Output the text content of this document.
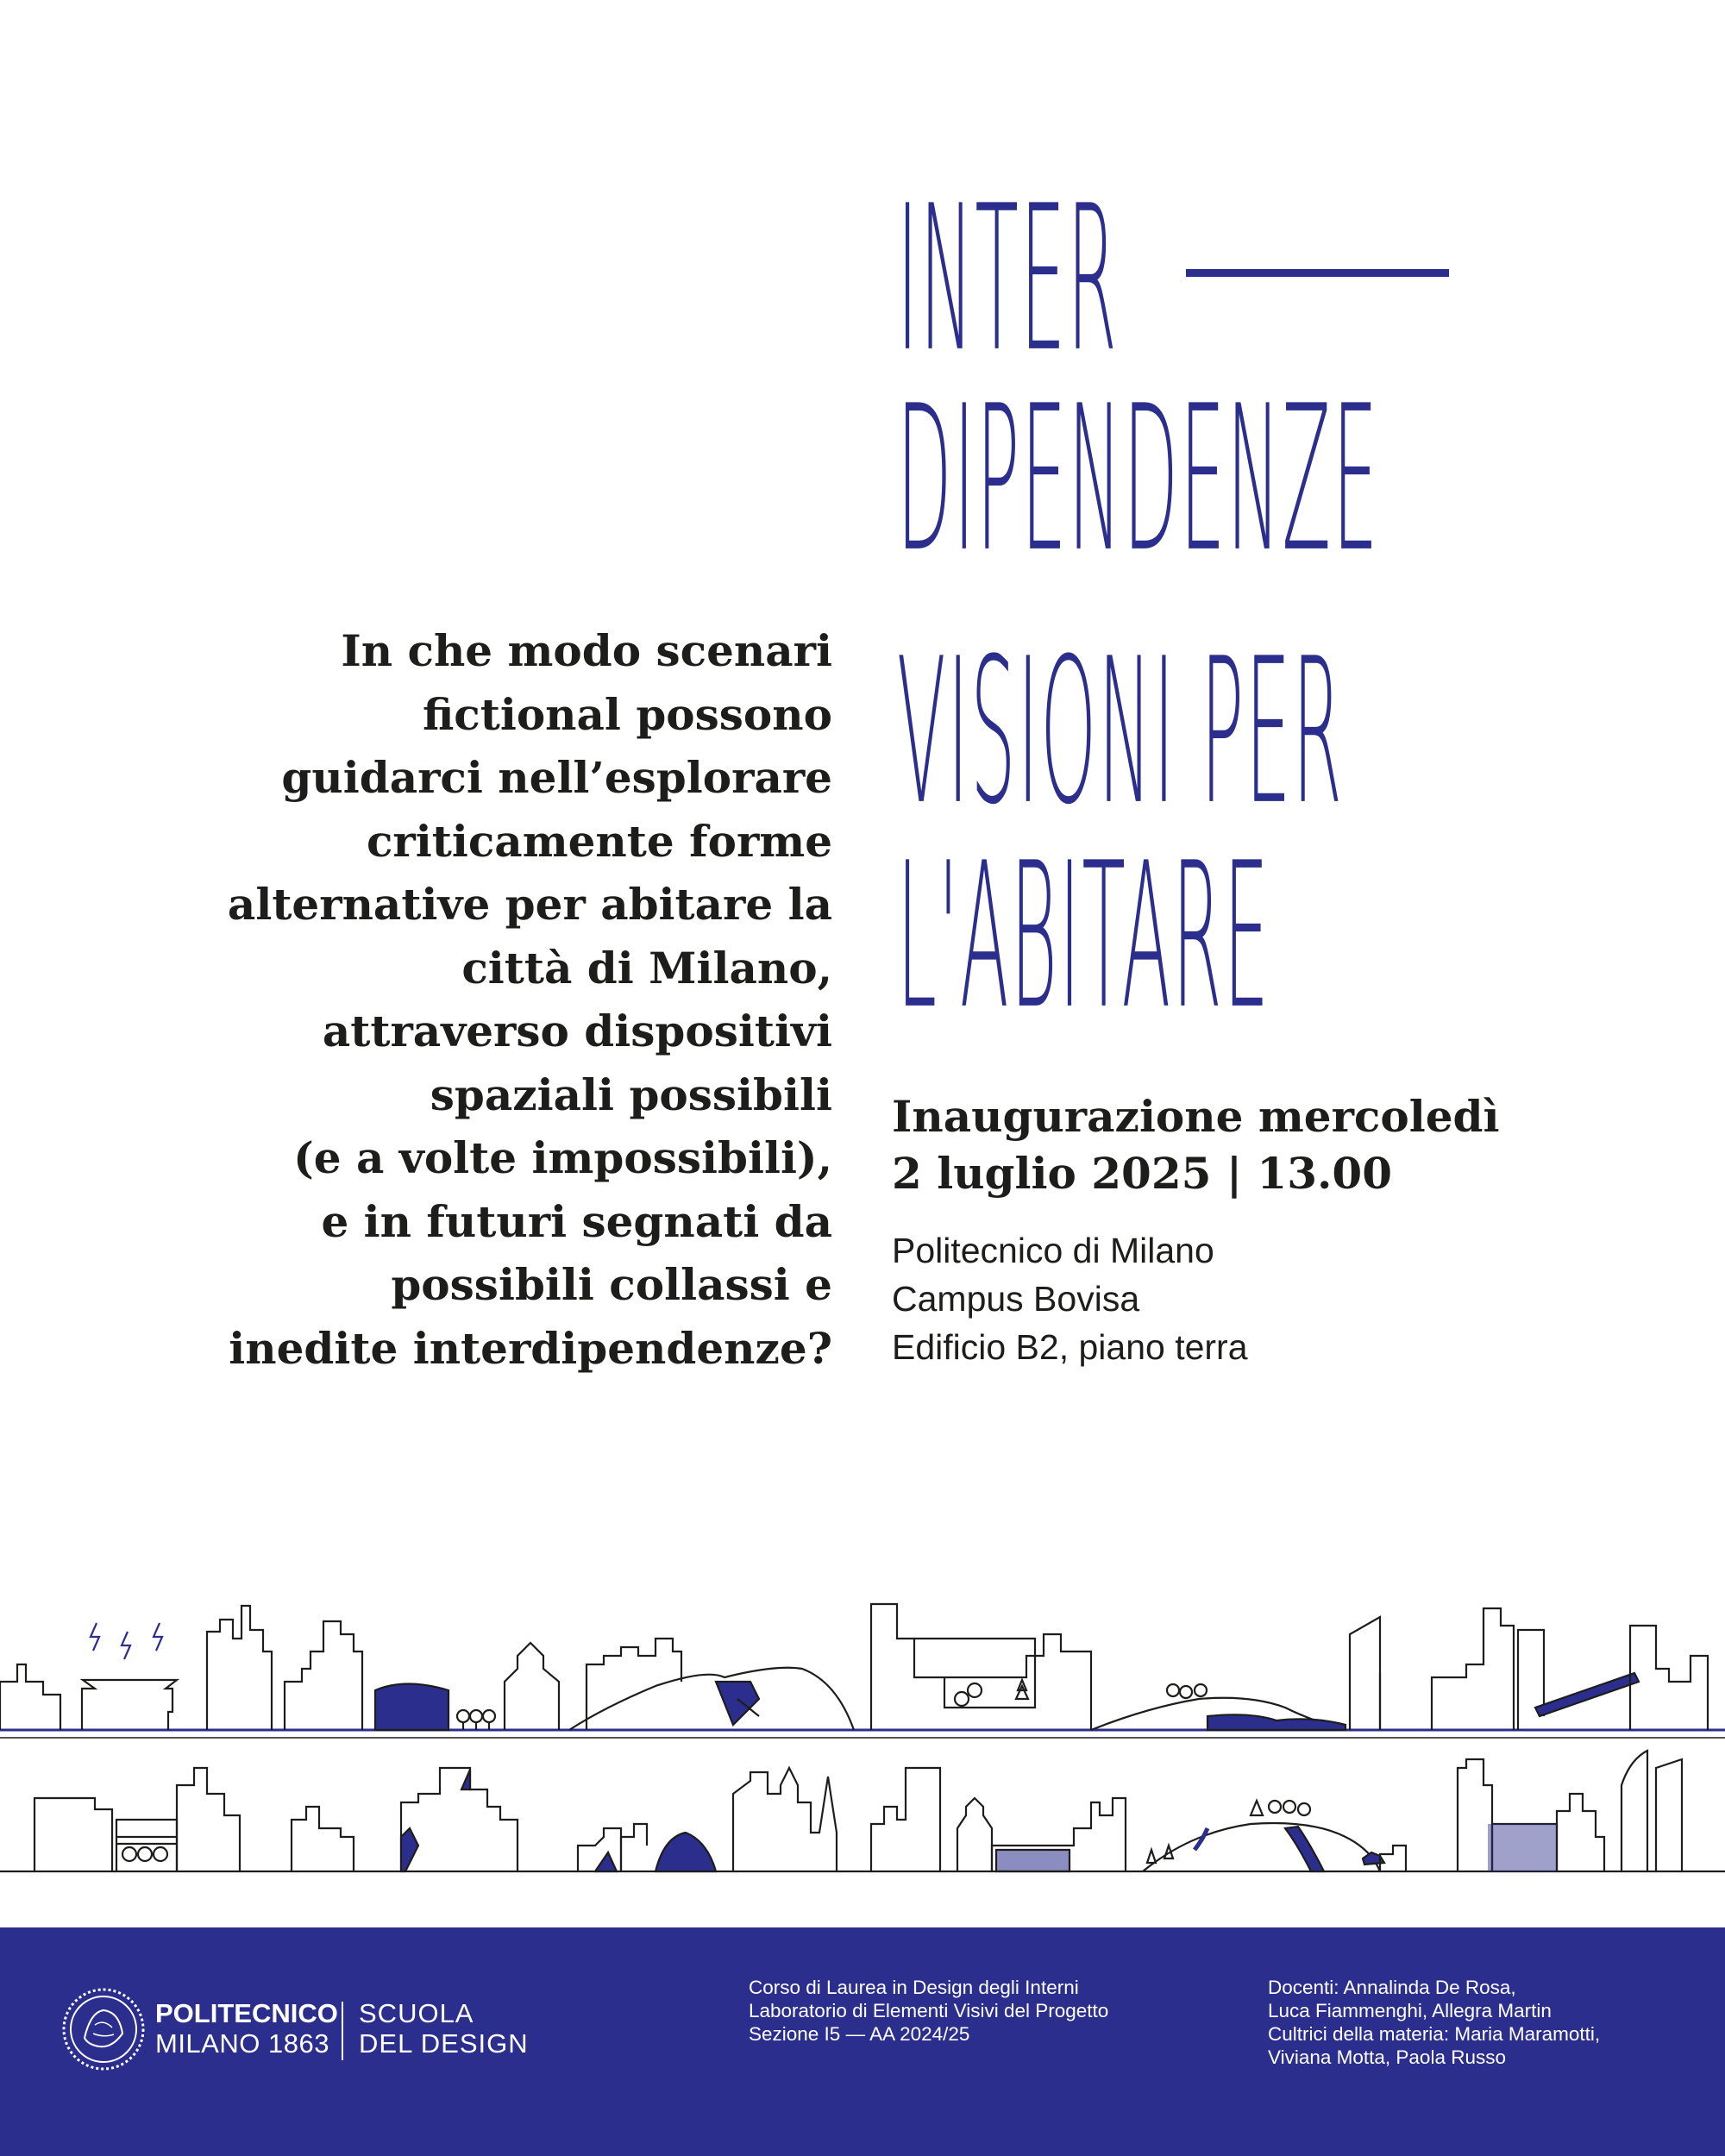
INTER
DIPENDENZE
VISIONI PER
L'ABITARE
In che modo scenari
fictional possono
guidarci nell’esplorare
criticamente forme
alternative per abitare la
città di Milano,
attraverso dispositivi
spaziali possibili
(e a volte impossibili),
e in futuri segnati da
possibili collassi e
inedite interdipendenze?
Inaugurazione mercoledì
2 luglio 2025 | 13.00
Politecnico di Milano
Campus Bovisa
Edificio B2, piano terra
POLITECNICO
MILANO 1863
SCUOLA
DEL DESIGN
Corso di Laurea in Design degli Interni
Laboratorio di Elementi Visivi del Progetto
Sezione I5 — AA 2024/25
Docenti: Annalinda De Rosa,
Luca Fiammenghi, Allegra Martin
Cultrici della materia: Maria Maramotti,
Viviana Motta, Paola Russo
